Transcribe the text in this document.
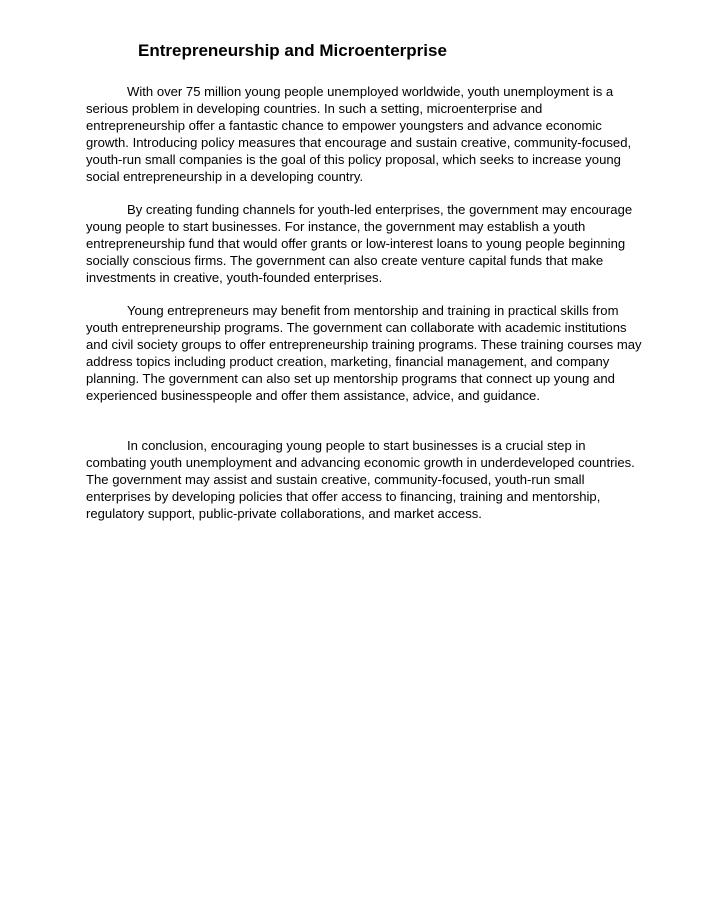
Entrepreneurship and Microenterprise

With over 75 million young people unemployed worldwide, youth unemployment is a
serious problem in developing countries. In such a setting, microenterprise and
entrepreneurship offer a fantastic chance to empower youngsters and advance economic
growth. Introducing policy measures that encourage and sustain creative, community-focused,
youth-run small companies is the goal of this policy proposal, which seeks to increase young
social entrepreneurship in a developing country.

By creating funding channels for youth-led enterprises, the government may encourage
young people to start businesses. For instance, the government may establish a youth
entrepreneurship fund that would offer grants or low-interest loans to young people beginning
socially conscious firms. The government can also create venture capital funds that make
investments in creative, youth-founded enterprises.

Young entrepreneurs may benefit from mentorship and training in practical skills from
youth entrepreneurship programs. The government can collaborate with academic institutions
and civil society groups to offer entrepreneurship training programs. These training courses may
address topics including product creation, marketing, financial management, and company
planning. The government can also set up mentorship programs that connect up young and
experienced businesspeople and offer them assistance, advice, and guidance.

In conclusion, encouraging young people to start businesses is a crucial step in
combating youth unemployment and advancing economic growth in underdeveloped countries.
The government may assist and sustain creative, community-focused, youth-run small
enterprises by developing policies that offer access to financing, training and mentorship,
regulatory support, public-private collaborations, and market access.
